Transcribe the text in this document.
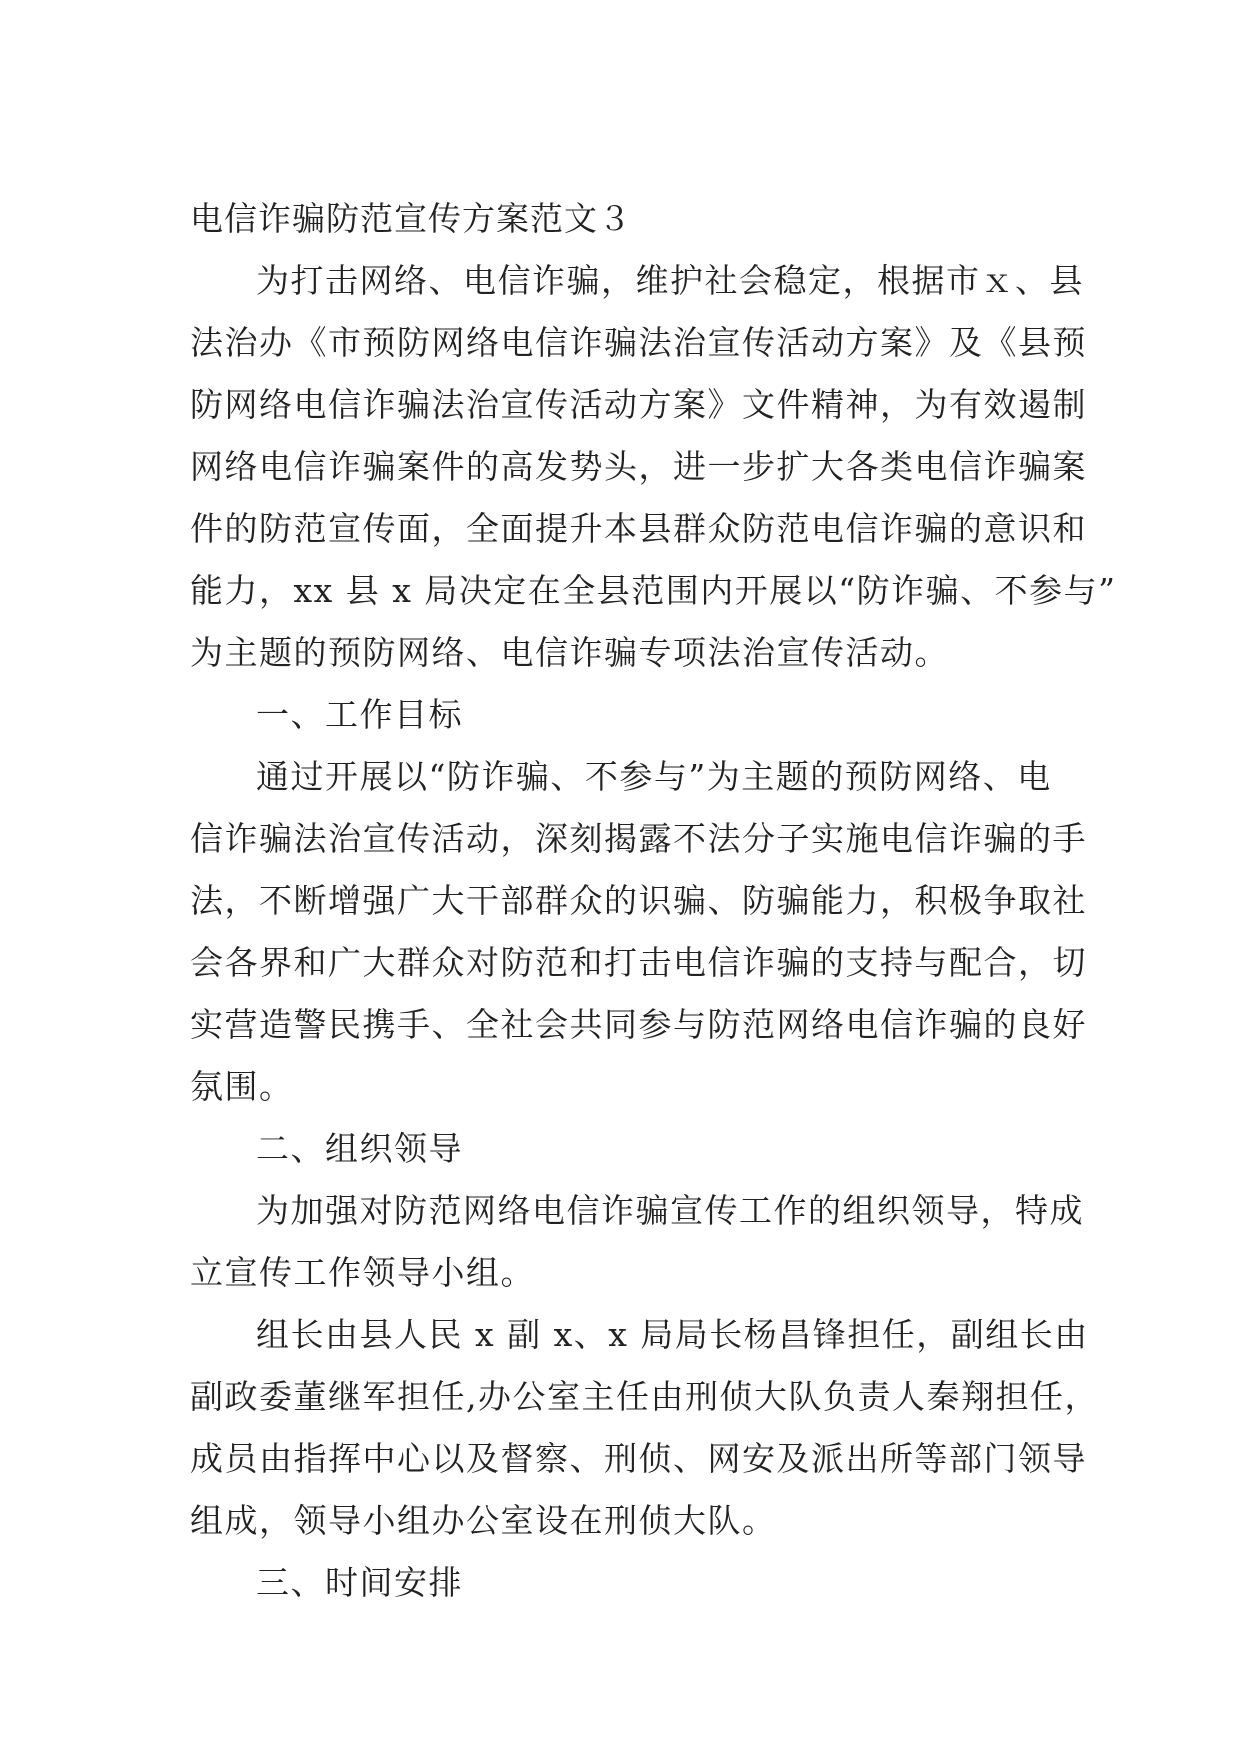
电信诈骗防范宣传方案范文３
为打击网络、电信诈骗，维护社会稳定，根据市ｘ、县
法治办《市预防网络电信诈骗法治宣传活动方案》及《县预
防网络电信诈骗法治宣传活动方案》文件精神，为有效遏制
网络电信诈骗案件的高发势头，进一步扩大各类电信诈骗案
件的防范宣传面，全面提升本县群众防范电信诈骗的意识和
能力，xx 县 x 局决定在全县范围内开展以“防诈骗、不参与”
为主题的预防网络、电信诈骗专项法治宣传活动。
一、工作目标
通过开展以“防诈骗、不参与”为主题的预防网络、电
信诈骗法治宣传活动，深刻揭露不法分子实施电信诈骗的手
法，不断增强广大干部群众的识骗、防骗能力，积极争取社
会各界和广大群众对防范和打击电信诈骗的支持与配合，切
实营造警民携手、全社会共同参与防范网络电信诈骗的良好
氛围。
二、组织领导
为加强对防范网络电信诈骗宣传工作的组织领导，特成
立宣传工作领导小组。
组长由县人民 x 副 x、x 局局长杨昌锋担任，副组长由
副政委董继军担任,办公室主任由刑侦大队负责人秦翔担任，
成员由指挥中心以及督察、刑侦、网安及派出所等部门领导
组成，领导小组办公室设在刑侦大队。
三、时间安排
